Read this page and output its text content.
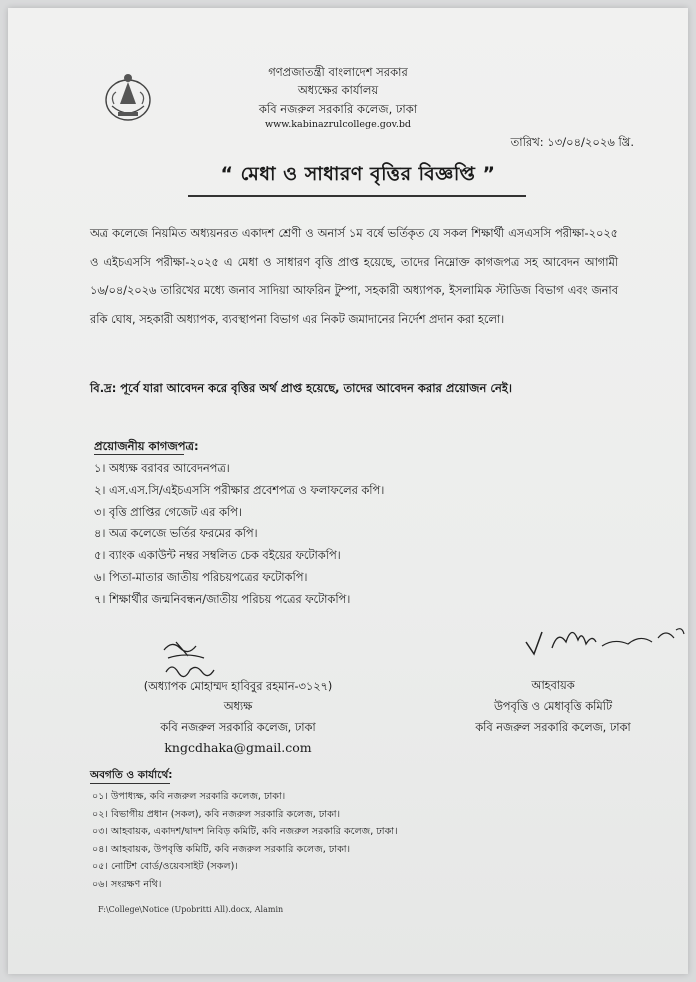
গণপ্রজাতন্ত্রী বাংলাদেশ সরকার
অধ্যক্ষের কার্যালয়
কবি নজরুল সরকারি কলেজ, ঢাকা
www.kabinazrulcollege.gov.bd
তারিখ: ১৩/০৪/২০২৬ খ্রি.
“ মেধা ও সাধারণ বৃত্তির বিজ্ঞপ্তি ”
অত্র কলেজে নিয়মিত অধ্যয়নরত একাদশ শ্রেণী ও অনার্স ১ম বর্ষে ভর্তিকৃত যে সকল শিক্ষার্থী এসএসসি পরীক্ষা-২০২৫ ও এইচএসসি পরীক্ষা-২০২৫ এ মেধা ও সাধারণ বৃত্তি প্রাপ্ত হয়েছে, তাদের নিম্নোক্ত কাগজপত্র সহ আবেদন আগামী ১৬/০৪/২০২৬ তারিখের মধ্যে জনাব সাদিয়া আফরিন টুম্পা, সহকারী অধ্যাপক, ইসলামিক স্টাডিজ বিভাগ এবং জনাব রকি ঘোষ, সহকারী অধ্যাপক, ব্যবস্থাপনা বিভাগ এর নিকট জমাদানের নির্দেশ প্রদান করা হলো।
বি.দ্র: পূর্বে যারা আবেদন করে বৃত্তির অর্থ প্রাপ্ত হয়েছে, তাদের আবেদন করার প্রয়োজন নেই।
প্রয়োজনীয় কাগজপত্র:
১। অধ্যক্ষ বরাবর আবেদনপত্র।
২। এস.এস.সি/এইচএসসি পরীক্ষার প্রবেশপত্র ও ফলাফলের কপি।
৩। বৃত্তি প্রাপ্তির গেজেট এর কপি।
৪। অত্র কলেজে ভর্তির ফরমের কপি।
৫। ব্যাংক একাউন্ট নম্বর সম্বলিত চেক বইয়ের ফটোকপি।
৬। পিতা-মাতার জাতীয় পরিচয়পত্রের ফটোকপি।
৭। শিক্ষার্থীর জন্মনিবন্ধন/জাতীয় পরিচয় পত্রের ফটোকপি।
(অধ্যাপক মোহাম্মদ হাবিবুর রহমান-৩১২৭)
অধ্যক্ষ
কবি নজরুল সরকারি কলেজ, ঢাকা
kngcdhaka@gmail.com
আহবায়ক
উপবৃত্তি ও মেধাবৃত্তি কমিটি
কবি নজরুল সরকারি কলেজ, ঢাকা
অবগতি ও কার্যার্থে:
০১। উপাধ্যক্ষ, কবি নজরুল সরকারি কলেজ, ঢাকা।
০২। বিভাগীয় প্রধান (সকল), কবি নজরুল সরকারি কলেজ, ঢাকা।
০৩। আহবায়ক, একাদশ/দ্বাদশ নিবিড় কমিটি, কবি নজরুল সরকারি কলেজ, ঢাকা।
০৪। আহবায়ক, উপবৃত্তি কমিটি, কবি নজরুল সরকারি কলেজ, ঢাকা।
০৫। নোটিশ বোর্ড/ওয়েবসাইট (সকল)।
০৬। সংরক্ষণ নথি।
F:\College\Notice (Upobritti All).docx, Alamin
